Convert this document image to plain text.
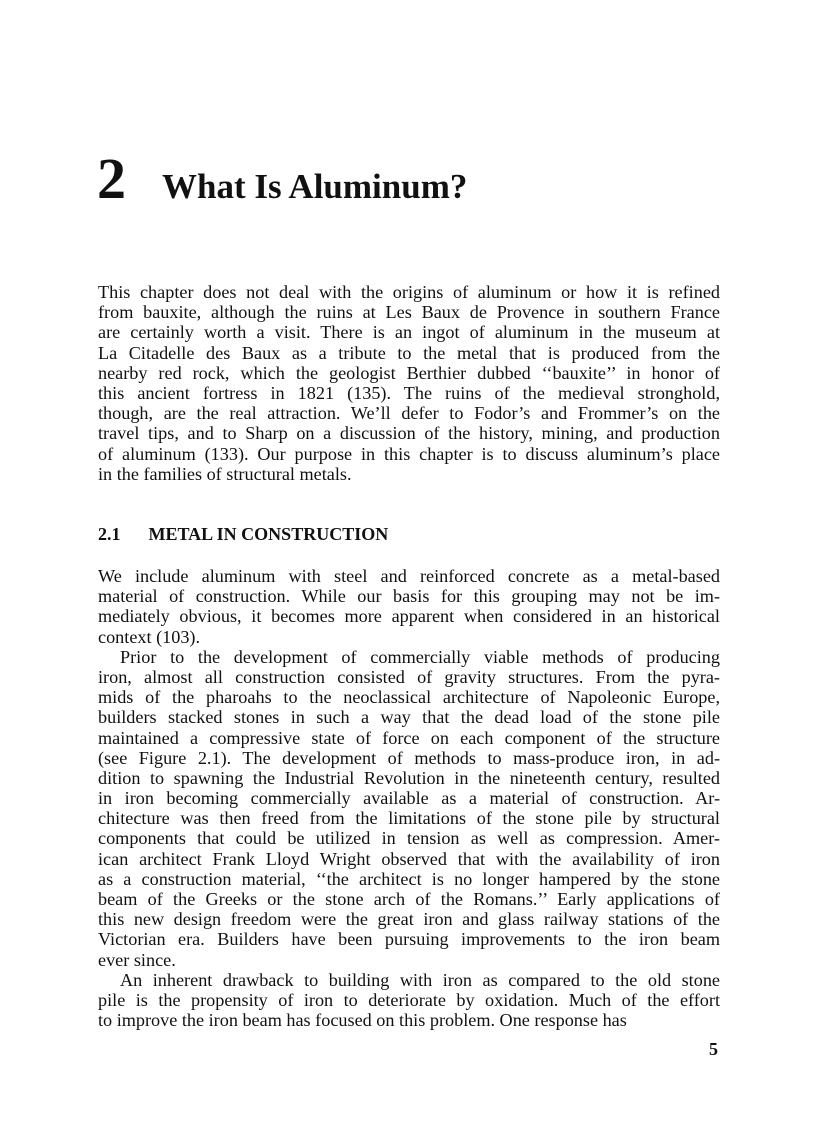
2 What Is Aluminum?
This chapter does not deal with the origins of aluminum or how it is refined
from bauxite, although the ruins at Les Baux de Provence in southern France
are certainly worth a visit. There is an ingot of aluminum in the museum at
La Citadelle des Baux as a tribute to the metal that is produced from the
nearby red rock, which the geologist Berthier dubbed ‘‘bauxite’’ in honor of
this ancient fortress in 1821 (135). The ruins of the medieval stronghold,
though, are the real attraction. We’ll defer to Fodor’s and Frommer’s on the
travel tips, and to Sharp on a discussion of the history, mining, and production
of aluminum (133). Our purpose in this chapter is to discuss aluminum’s place
in the families of structural metals.
2.1 METAL IN CONSTRUCTION
We include aluminum with steel and reinforced concrete as a metal-based
material of construction. While our basis for this grouping may not be im-
mediately obvious, it becomes more apparent when considered in an historical
context (103).
Prior to the development of commercially viable methods of producing
iron, almost all construction consisted of gravity structures. From the pyra-
mids of the pharoahs to the neoclassical architecture of Napoleonic Europe,
builders stacked stones in such a way that the dead load of the stone pile
maintained a compressive state of force on each component of the structure
(see Figure 2.1). The development of methods to mass-produce iron, in ad-
dition to spawning the Industrial Revolution in the nineteenth century, resulted
in iron becoming commercially available as a material of construction. Ar-
chitecture was then freed from the limitations of the stone pile by structural
components that could be utilized in tension as well as compression. Amer-
ican architect Frank Lloyd Wright observed that with the availability of iron
as a construction material, ‘‘the architect is no longer hampered by the stone
beam of the Greeks or the stone arch of the Romans.’’ Early applications of
this new design freedom were the great iron and glass railway stations of the
Victorian era. Builders have been pursuing improvements to the iron beam
ever since.
An inherent drawback to building with iron as compared to the old stone
pile is the propensity of iron to deteriorate by oxidation. Much of the effort
to improve the iron beam has focused on this problem. One response has
5
